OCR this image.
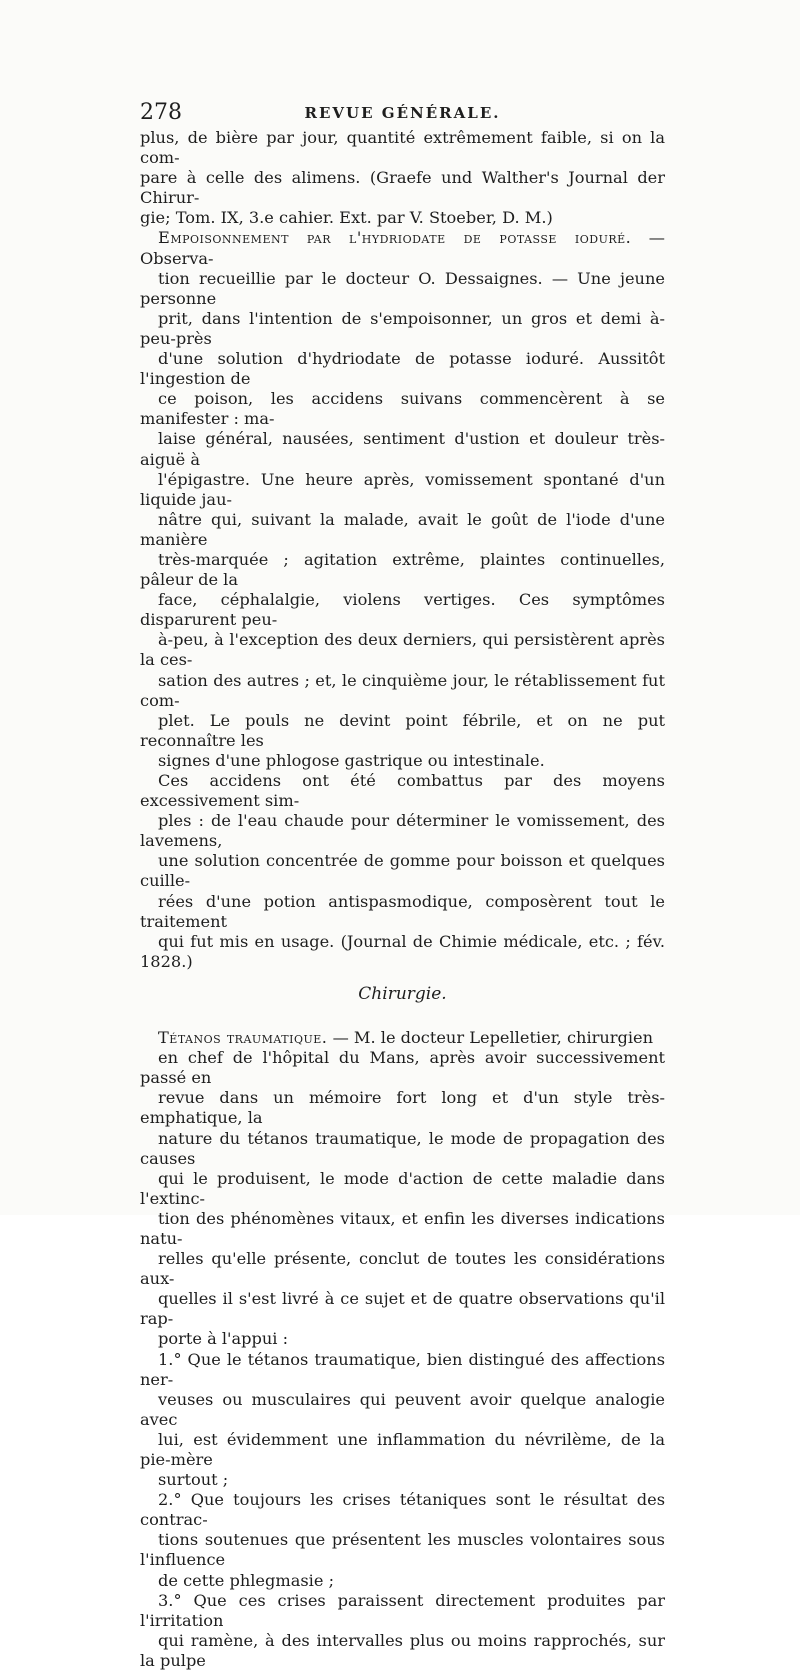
278	REVUE GÉNÉRALE.
plus, de bière par jour, quantité extrêmement faible, si on la com-
pare à celle des alimens. (Graefe und Walther's Journal der Chirur-
gie; Tom. IX, 3.e cahier. Ext. par V. Stoeber, D. M.)
Empoisonnement par l'hydriodate de potasse ioduré. — Observa-
tion recueillie par le docteur O. Dessaignes. — Une jeune personne
prit, dans l'intention de s'empoisonner, un gros et demi à-peu-près
d'une solution d'hydriodate de potasse ioduré. Aussitôt l'ingestion de
ce poison, les accidens suivans commencèrent à se manifester : ma-
laise général, nausées, sentiment d'ustion et douleur très-aiguë à
l'épigastre. Une heure après, vomissement spontané d'un liquide jau-
nâtre qui, suivant la malade, avait le goût de l'iode d'une manière
très-marquée ; agitation extrême, plaintes continuelles, pâleur de la
face, céphalalgie, violens vertiges. Ces symptômes disparurent peu-
à-peu, à l'exception des deux derniers, qui persistèrent après la ces-
sation des autres ; et, le cinquième jour, le rétablissement fut com-
plet. Le pouls ne devint point fébrile, et on ne put reconnaître les
signes d'une phlogose gastrique ou intestinale.
Ces accidens ont été combattus par des moyens excessivement sim-
ples : de l'eau chaude pour déterminer le vomissement, des lavemens,
une solution concentrée de gomme pour boisson et quelques cuille-
rées d'une potion antispasmodique, composèrent tout le traitement
qui fut mis en usage. (Journal de Chimie médicale, etc. ; fév. 1828.)
Chirurgie.
Tétanos traumatique. — M. le docteur Lepelletier, chirurgien
en chef de l'hôpital du Mans, après avoir successivement passé en
revue dans un mémoire fort long et d'un style très-emphatique, la
nature du tétanos traumatique, le mode de propagation des causes
qui le produisent, le mode d'action de cette maladie dans l'extinc-
tion des phénomènes vitaux, et enfin les diverses indications natu-
relles qu'elle présente, conclut de toutes les considérations aux-
quelles il s'est livré à ce sujet et de quatre observations qu'il rap-
porte à l'appui :
1.° Que le tétanos traumatique, bien distingué des affections ner-
veuses ou musculaires qui peuvent avoir quelque analogie avec
lui, est évidemment une inflammation du névrilème, de la pie-mère
surtout ;
2.° Que toujours les crises tétaniques sont le résultat des contrac-
tions soutenues que présentent les muscles volontaires sous l'influence
de cette phlegmasie ;
3.° Que ces crises paraissent directement produites par l'irritation
qui ramène, à des intervalles plus ou moins rapprochés, sur la pulpe
